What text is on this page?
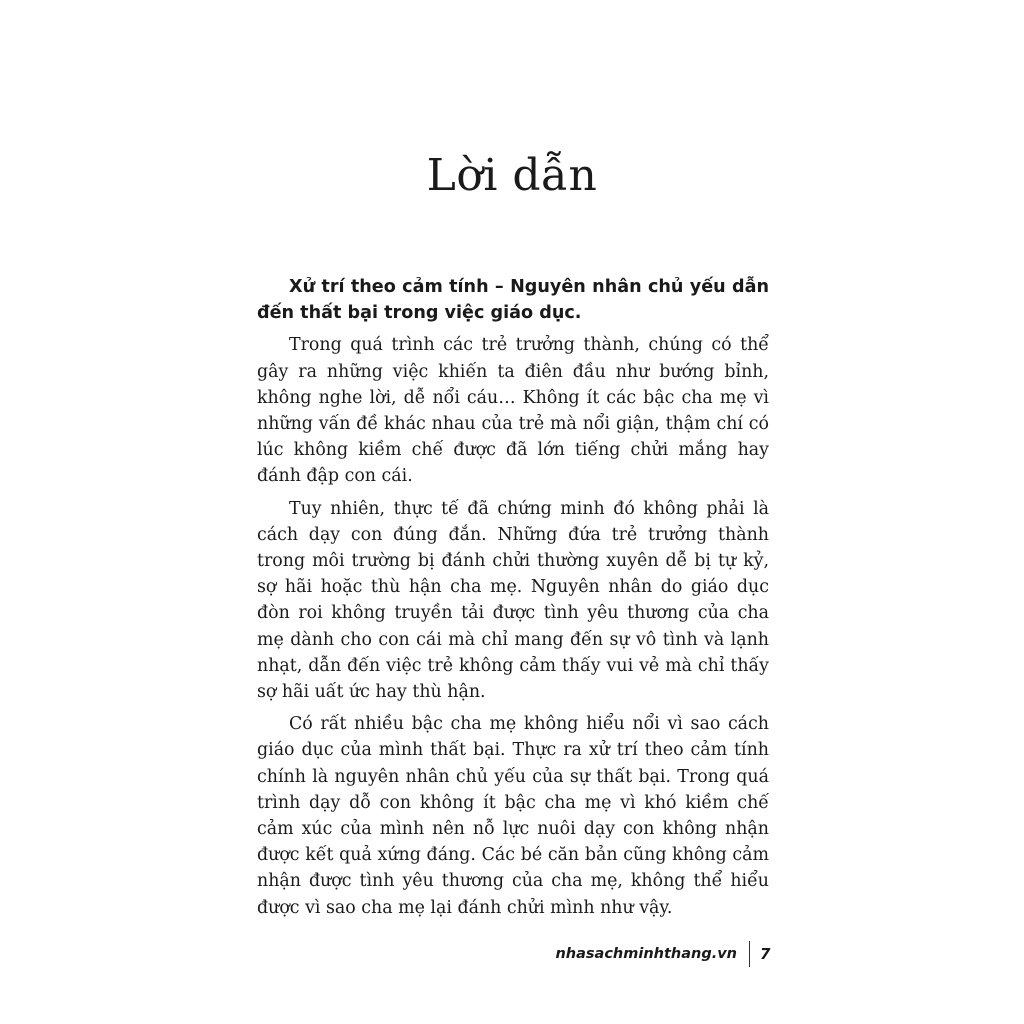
Lời dẫn

Xử trí theo cảm tính – Nguyên nhân chủ yếu dẫn đến thất bại trong việc giáo dục.

Trong quá trình các trẻ trưởng thành, chúng có thể gây ra những việc khiến ta điên đầu như bướng bỉnh, không nghe lời, dễ nổi cáu… Không ít các bậc cha mẹ vì những vấn đề khác nhau của trẻ mà nổi giận, thậm chí có lúc không kiềm chế được đã lớn tiếng chửi mắng hay đánh đập con cái.

Tuy nhiên, thực tế đã chứng minh đó không phải là cách dạy con đúng đắn. Những đứa trẻ trưởng thành trong môi trường bị đánh chửi thường xuyên dễ bị tự kỷ, sợ hãi hoặc thù hận cha mẹ. Nguyên nhân do giáo dục đòn roi không truyền tải được tình yêu thương của cha mẹ dành cho con cái mà chỉ mang đến sự vô tình và lạnh nhạt, dẫn đến việc trẻ không cảm thấy vui vẻ mà chỉ thấy sợ hãi uất ức hay thù hận.

Có rất nhiều bậc cha mẹ không hiểu nổi vì sao cách giáo dục của mình thất bại. Thực ra xử trí theo cảm tính chính là nguyên nhân chủ yếu của sự thất bại. Trong quá trình dạy dỗ con không ít bậc cha mẹ vì khó kiềm chế cảm xúc của mình nên nỗ lực nuôi dạy con không nhận được kết quả xứng đáng. Các bé căn bản cũng không cảm nhận được tình yêu thương của cha mẹ, không thể hiểu được vì sao cha mẹ lại đánh chửi mình như vậy.

nhasachminhthang.vn 7
